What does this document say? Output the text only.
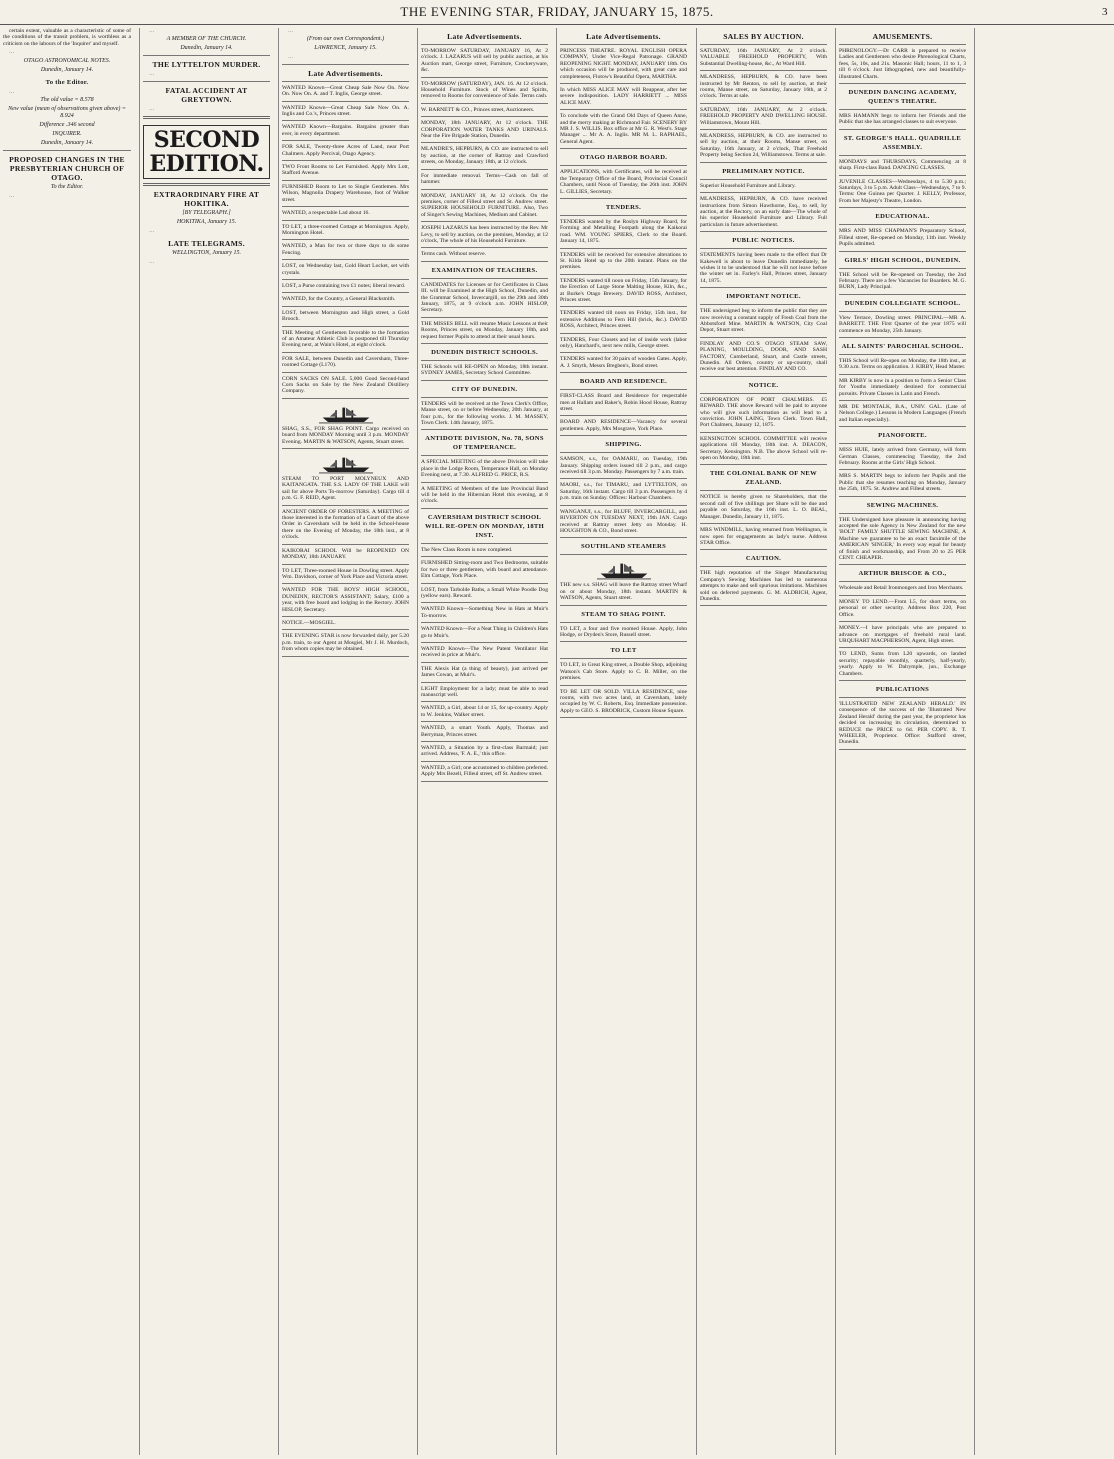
THE EVENING STAR, FRIDAY, JANUARY 15, 1875.	3

certain extent, valuable as a characteristic of some of the conditions of the transit problem, is worthless as a criticism on the labours of the 'Inquirer' and myself.

…

OTAGO ASTRONOMICAL NOTES.
Dunedin, January 14.
To the Editor.

…

The old value = 8.578
New value (mean of observations given above) = 8.924
Difference .346 second
INQUIRER.
Dunedin, January 14.
PROPOSED CHANGES IN THE PRESBYTERIAN CHURCH OF OTAGO.
To the Editor.

…

…

A MEMBER OF THE CHURCH.
Dunedin, January 14.
THE LYTTELTON MURDER.

…

FATAL ACCIDENT AT GREYTOWN.

…

SECOND EDITION.
EXTRAORDINARY FIRE AT HOKITIKA.
[BY TELEGRAPH.]
HOKITIKA, January 15.

…

LATE TELEGRAMS.
WELLINGTON, January 15.

…

…

(From our own Correspondent.)
LAWRENCE, January 15.

…

Late Advertisements.
WANTED Known—Great Cheap Sale Now On. Now On. Now On. A. and T. Inglis, George street.
WANTED Known—Great Cheap Sale Now On. A. Inglis and Co.'s, Princes street.
WANTED Known—Bargains. Bargains greater than ever, in every department.
FOR SALE, Twenty-three Acres of Land, near Port Chalmers. Apply Percival, Otago Agency.
TWO Front Rooms to Let Furnished. Apply Mrs Lott, Stafford Avenue.
FURNISHED Room to Let to Single Gentlemen. Mrs Wilson, Magnolia Drapery Warehouse, foot of Walker street.
WANTED, a respectable Lad about 16.
TO LET, a three-roomed Cottage at Mornington. Apply, Mornington Hotel.
WANTED, a Man for two or three days to do some Fencing.
LOST, on Wednesday last, Gold Heart Locket, set with crystals.
LOST, a Purse containing two £1 notes; liberal reward.
WANTED, for the Country, a General Blacksmith.
LOST, between Mornington and High street, a Gold Brooch.
THE Meeting of Gentlemen favorable to the formation of an Amateur Athletic Club is postponed till Thursday Evening next, at Wain's Hotel, at eight o'clock.
FOR SALE, between Dunedin and Caversham, Three-roomed Cottage (L170).
CORN SACKS ON SALE. 5,000 Good Second-hand Corn Sacks on Sale by the New Zealand Distillery Company.
SHAG, S.S., FOR SHAG POINT. Cargo received on board from MONDAY Morning until 3 p.m. MONDAY Evening. MARTIN & WATSON, Agents, Stuart street.
STEAM TO PORT MOLYNEUX AND KAITANGATA. THE S.S. LADY OF THE LAKE will sail for above Ports To-morrow (Saturday). Cargo till 4 p.m. G. F. REID, Agent.
ANCIENT ORDER OF FORESTERS. A MEETING of those interested in the formation of a Court of the above Order in Caversham will be held in the School-house there on the Evening of Monday, the 18th inst., at 8 o'clock.
KAIKORAI SCHOOL Will be REOPENED ON MONDAY, 18th JANUARY.
TO LET, Three-roomed House in Dowling street. Apply Wm. Davidson, corner of York Place and Victoria street.
WANTED FOR THE BOYS' HIGH SCHOOL, DUNEDIN, RECTOR'S ASSISTANT; Salary, £100 a year, with free board and lodging in the Rectory. JOHN HISLOP, Secretary.
NOTICE.—MOSGIEL.
THE EVENING STAR is now forwarded daily, per 5.20 p.m. train, to our Agent at Mosgiel, Mr J. H. Murdoch, from whom copies may be obtained.
Late Advertisements.
TO-MORROW SATURDAY, JANUARY 16, At 2 o'clock. J. LAZARUS will sell by public auction, at his Auction mart, George street, Furniture, Crockeryware, &c.
TO-MORROW (SATURDAY), JAN. 16. At 12 o'clock. Household Furniture. Stock of Wines and Spirits, removed to Rooms for convenience of Sale. Terms cash.
W. BARNETT & CO., Princes street, Auctioneers.
MONDAY, 18th JANUARY, At 12 o'clock. THE CORPORATION WATER TANKS AND URINALS. Near the Fire Brigade Station, Dunedin.
MLANDRE'S, HEPBURN, & CO. are instructed to sell by auction, at the corner of Rattray and Crawford streets, on Monday, January 18th, at 12 o'clock.
For immediate removal. Terms—Cash on fall of hammer.
MONDAY, JANUARY 18, At 12 o'clock. On the premises, corner of Filleul street and St. Andrew street. SUPERIOR HOUSEHOLD FURNITURE. Also, Two of Singer's Sewing Machines, Medium and Cabinet.
JOSEPH LAZARUS has been instructed by the Rev. Mr Levy, to sell by auction, on the premises, Monday, at 12 o'clock, The whole of his Household Furniture.
Terms cash. Without reserve.
EXAMINATION OF TEACHERS.
CANDIDATES for Licenses or for Certificates in Class III. will be Examined at the High School, Dunedin, and the Grammar School, Invercargill, on the 29th and 30th January, 1875, at 9 o'clock a.m. JOHN HISLOP, Secretary.
THE MISSES BELL will resume Music Lessons at their Rooms, Princes street, on Monday, January 18th, and request former Pupils to attend at their usual hours.
DUNEDIN DISTRICT SCHOOLS.
THE Schools will RE-OPEN on Monday, 18th instant. SYDNEY JAMES, Secretary School Committee.
CITY OF DUNEDIN.
TENDERS will be received at the Town Clerk's Office, Manse street, on or before Wednesday, 20th January, at four p.m., for the following works. J. M. MASSEY, Town Clerk. 14th January, 1875.
ANTIDOTE DIVISION, No. 78, SONS OF TEMPERANCE.
A SPECIAL MEETING of the above Division will take place in the Lodge Room, Temperance Hall, on Monday Evening next, at 7.30. ALFRED G. PRICE, R.S.
A MEETING of Members of the late Provincial Band will be held in the Hibernian Hotel this evening, at 8 o'clock.
CAVERSHAM DISTRICT SCHOOL WILL RE-OPEN ON MONDAY, 18TH INST.
The New Class Room is now completed.
FURNISHED Sitting-room and Two Bedrooms, suitable for two or three gentlemen, with board and attendance. Elm Cottage, York Place.
LOST, from Tarbolde Baths, a Small White Poodle Dog (yellow ears). Reward.
WANTED Known—Something New in Hats at Muir's To-morrow.
WANTED Known—For a Neat Thing in Children's Hats go to Muir's.
WANTED Known—The New Patent Ventilator Hat received in price at Muir's.
THE Alexis Hat (a thing of beauty), just arrived per James Cowan, at Muir's.
LIGHT Employment for a lady; must be able to read manuscript well.
WANTED, a Girl, about 14 or 15, for up-country. Apply to W. Jenkins, Walker street.
WANTED, a smart Youth. Apply, Thomas and Berryman, Princes street.
WANTED, a Situation by a first-class Barmaid; just arrived. Address, 'F. A. E.,' this office.
WANTED, a Girl; one accustomed to children preferred. Apply Mrs Bezell, Filleul street, off St. Andrew street.
Late Advertisements.
PRINCESS THEATRE. ROYAL ENGLISH OPERA COMPANY, Under Vice-Regal Patronage. GRAND REOPENING NIGHT. MONDAY, JANUARY 18th. On which occasion will be produced, with great care and completeness, Flotow's Beautiful Opera, MARTHA.
In which MISS ALICE MAY will Reappear, after her severe indisposition. LADY HARRIETT ... MISS ALICE MAY.
To conclude with the Grand Old Days of Queen Anne, and the merry making at Richmond Fair. SCENERY BY MR J. S. WILLIS. Box office at Mr G. R. West's. Stage Manager ... Mr A. A. Inglis. MR M. L. RAPHAEL, General Agent.
OTAGO HARBOR BOARD.
APPLICATIONS, with Certificates, will be received at the Temporary Office of the Board, Provincial Council Chambers, until Noon of Tuesday, the 26th inst. JOHN L. GILLIES, Secretary.
TENDERS.
TENDERS wanted by the Roslyn Highway Board, for Forming and Metalling Footpath along the Kaikorai road. WM. YOUNG SPIERS, Clerk to the Board. January 14, 1875.
TENDERS will be received for extensive alterations to St. Kilda Hotel up to the 20th instant. Plans on the premises.
TENDERS wanted till noon on Friday, 15th January, for the Erection of Large Stone Malting House, Kiln, &c., at Burke's Otago Brewery. DAVID ROSS, Architect, Princes street.
TENDERS wanted till noon on Friday, 15th inst., for extensive Additions to Fern Hill (brick, &c.). DAVID ROSS, Architect, Princes street.
TENDERS, Four Closets and lot of inside work (labor only), Hanchard's, next new mills, George street.
TENDERS wanted for 30 pairs of wooden Gates. Apply, A. J. Smyth, Messrs Bregben's, Bond street.
BOARD AND RESIDENCE.
FIRST-CLASS Board and Residence for respectable men at Hallam and Baker's, Robin Hood House, Rattray street.
BOARD AND RESIDENCE—Vacancy for several gentlemen. Apply, Mrs Mosgrave, York Place.
SHIPPING.
SAMSON, s.s., for OAMARU, on Tuesday, 19th January. Shipping orders issued till 2 p.m., and cargo received till 3 p.m. Monday. Passengers by 7 a.m. train.
MAORI, s.s., for TIMARU, and LYTTELTON, on Saturday, 16th instant. Cargo till 3 p.m. Passengers by 4 p.m. train on Sunday. Offices: Harbour Chambers.
WANGANUI, s.s., for BLUFF, INVERCARGILL, and RIVERTON ON TUESDAY NEXT, 19th JAN. Cargo received at Rattray street Jetty on Monday. H. HOUGHTON & CO., Bond street.
SOUTHLAND STEAMERS
THE new s.s. SHAG will leave the Rattray street Wharf on or about Monday, 18th instant. MARTIN & WATSON, Agents, Stuart street.
STEAM TO SHAG POINT.
TO LET, a four and five roomed House. Apply, John Hodge, or Dryden's Store, Russell street.
TO LET
TO LET, in Great King street, a Double Shop, adjoining Watson's Cab Store. Apply to C. B. Miller, on the premises.
TO BE LET OR SOLD. VILLA RESIDENCE, nine rooms, with two acres land, at Caversham, lately occupied by W. C. Roberts, Esq. Immediate possession. Apply to GEO. S. BRODRICK, Custom House Square.
SALES BY AUCTION.
SATURDAY, 16th JANUARY, At 2 o'clock. VALUABLE FREEHOLD PROPERTY, With Substantial Dwelling-house, &c., At Ward Hill.
MLANDRESS, HEPBURN, & CO. have been instructed by Mr Renton, to sell by auction, at their rooms, Manse street, on Saturday, January 16th, at 2 o'clock. Terms at sale.
SATURDAY, 16th JANUARY, At 2 o'clock. FREEHOLD PROPERTY AND DWELLING HOUSE. Williamstown, Mount Hill.
MLANDRESS, HEPBURN, & CO. are instructed to sell by auction, at their Rooms, Manse street, on Saturday, 16th January, at 2 o'clock, That Freehold Property being Section 24, Williamstown. Terms at sale.
PRELIMINARY NOTICE.
Superior Household Furniture and Library.
MLANDRESS, HEPBURN, & CO. have received instructions from Simon Hawthorne, Esq., to sell, by auction, at the Rectory, on an early date—The whole of his superior Household Furniture and Library. Full particulars in future advertisement.
PUBLIC NOTICES.
STATEMENTS having been made to the effect that Dr Kakewell is about to leave Dunedin immediately, he wishes it to be understood that he will not leave before the winter set in. Farley's Hall, Princes street, January 14, 1875.
IMPORTANT NOTICE.
THE undersigned beg to inform the public that they are now receiving a constant supply of Fresh Coal from the Abbotsford Mine. MARTIN & WATSON, City Coal Depot, Stuart street.
FINDLAY AND CO.'S OTAGO STEAM SAW, PLANING, MOULDING, DOOR, AND SASH FACTORY, Cumberland, Stuart, and Castle streets, Dunedin. All Orders, country or up-country, shall receive our best attention. FINDLAY AND CO.
NOTICE.
CORPORATION OF PORT CHALMERS. £5 REWARD. THE above Reward will be paid to anyone who will give such information as will lead to a conviction. JOHN LAING, Town Clerk. Town Hall, Port Chalmers, January 12, 1875.
KENSINGTON SCHOOL COMMITTEE will receive applications till Monday, 18th inst. A. DEACON, Secretary, Kensington. N.B. The above School will re-open on Monday, 18th inst.
THE COLONIAL BANK OF NEW ZEALAND.
NOTICE is hereby given to Shareholders, that the second call of five shillings per Share will be due and payable on Saturday, the 16th inst. L. O. BEAL, Manager. Dunedin, January 11, 1875.
MRS WINDMILL, having returned from Wellington, is now open for engagements as lady's nurse. Address STAR Office.
CAUTION.
THE high reputation of the Singer Manufacturing Company's Sewing Machines has led to numerous attempts to make and sell spurious imitations. Machines sold on deferred payments. G. M. ALDRICH, Agent, Dunedin.
AMUSEMENTS.
PHRENOLOGY.—Dr CARR is prepared to receive Ladies and Gentlemen who desire Phrenological Charts, fees, 5s, 10s, and 21s. Masonic Hall; hours, 11 to 1, 3 till 6 o'clock. Just lithographed, new and beautifully-illustrated Charts.
DUNEDIN DANCING ACADEMY, QUEEN'S THEATRE.
MRS HAMANN begs to inform her Friends and the Public that she has arranged classes to suit everyone.
ST. GEORGE'S HALL. QUADRILLE ASSEMBLY.
MONDAYS and THURSDAYS, Commencing at 8 sharp. First-class Band. DANCING CLASSES.
JUVENILE CLASSES—Wednesdays, 4 to 5.30 p.m.; Saturdays, 3 to 5 p.m. Adult Class—Wednesdays, 7 to 9. Terms: One Guinea per Quarter. J. KELLY, Professor, From her Majesty's Theatre, London.
EDUCATIONAL.
MRS AND MISS CHAPMAN'S Preparatory School, Filleul street, Re-opened on Monday, 11th inst. Weekly Pupils admitted.
GIRLS' HIGH SCHOOL, DUNEDIN.
THE School will be Re-opened on Tuesday, the 2nd February. There are a few Vacancies for Boarders. M. G. BURN, Lady Principal.
DUNEDIN COLLEGIATE SCHOOL.
View Terrace, Dowling street. PRINCIPAL—MR A. BARRETT. THE First Quarter of the year 1875 will commence on Monday, 25th January.
ALL SAINTS' PAROCHIAL SCHOOL.
THIS School will Re-open on Monday, the 18th inst., at 9.30 a.m. Terms on application. J. KIRBY, Head Master.
MR KIRBY is now in a position to form a Senior Class for Youths immediately destined for commercial pursuits. Private Classes in Latin and French.
MR DE MONTALK, B.A., UNIV. GAL. (Late of Nelson College.) Lessons in Modern Languages (French and Italian especially).
PIANOFORTE.
MISS HUIE, lately arrived from Germany, will form German Classes, commencing Tuesday, the 2nd February. Rooms at the Girls' High School.
MRS S. MARTIN begs to inform her Pupils and the Public that she resumes teaching on Monday, January the 25th, 1875. St. Andrew and Filleul streets.
SEWING MACHINES.
THE Undersigned have pleasure in announcing having accepted the sole Agency in New Zealand for the new 'BOLT' FAMILY SHUTTLE SEWING MACHINE, A Machine we guarantee to be an exact facsimile of the AMERICAN 'SINGER,' In every way equal for beauty of finish and workmanship, and From 20 to 25 PER CENT. CHEAPER.
ARTHUR BRISCOE & CO.,
Wholesale and Retail Ironmongers and Iron Merchants.
MONEY TO LEND.—From L5, for short terms, on personal or other security. Address Box 220, Post Office.
MONEY.—I have principals who are prepared to advance on mortgages of freehold rural land. URQUHART MACPHERSON, Agent, High street.
TO LEND, Sums from L20 upwards, on landed security; repayable monthly, quarterly, half-yearly, yearly. Apply to W. Dalrymple, jun., Exchange Chambers.
PUBLICATIONS
'ILLUSTRATED NEW ZEALAND HERALD.' IN consequence of the success of the 'Illustrated New Zealand Herald' during the past year, the proprietor has decided on increasing its circulation, determined to REDUCE the PRICE to 6d. PER COPY. R. T. WHEELER, Proprietor. Office: Stafford street, Dunedin.
